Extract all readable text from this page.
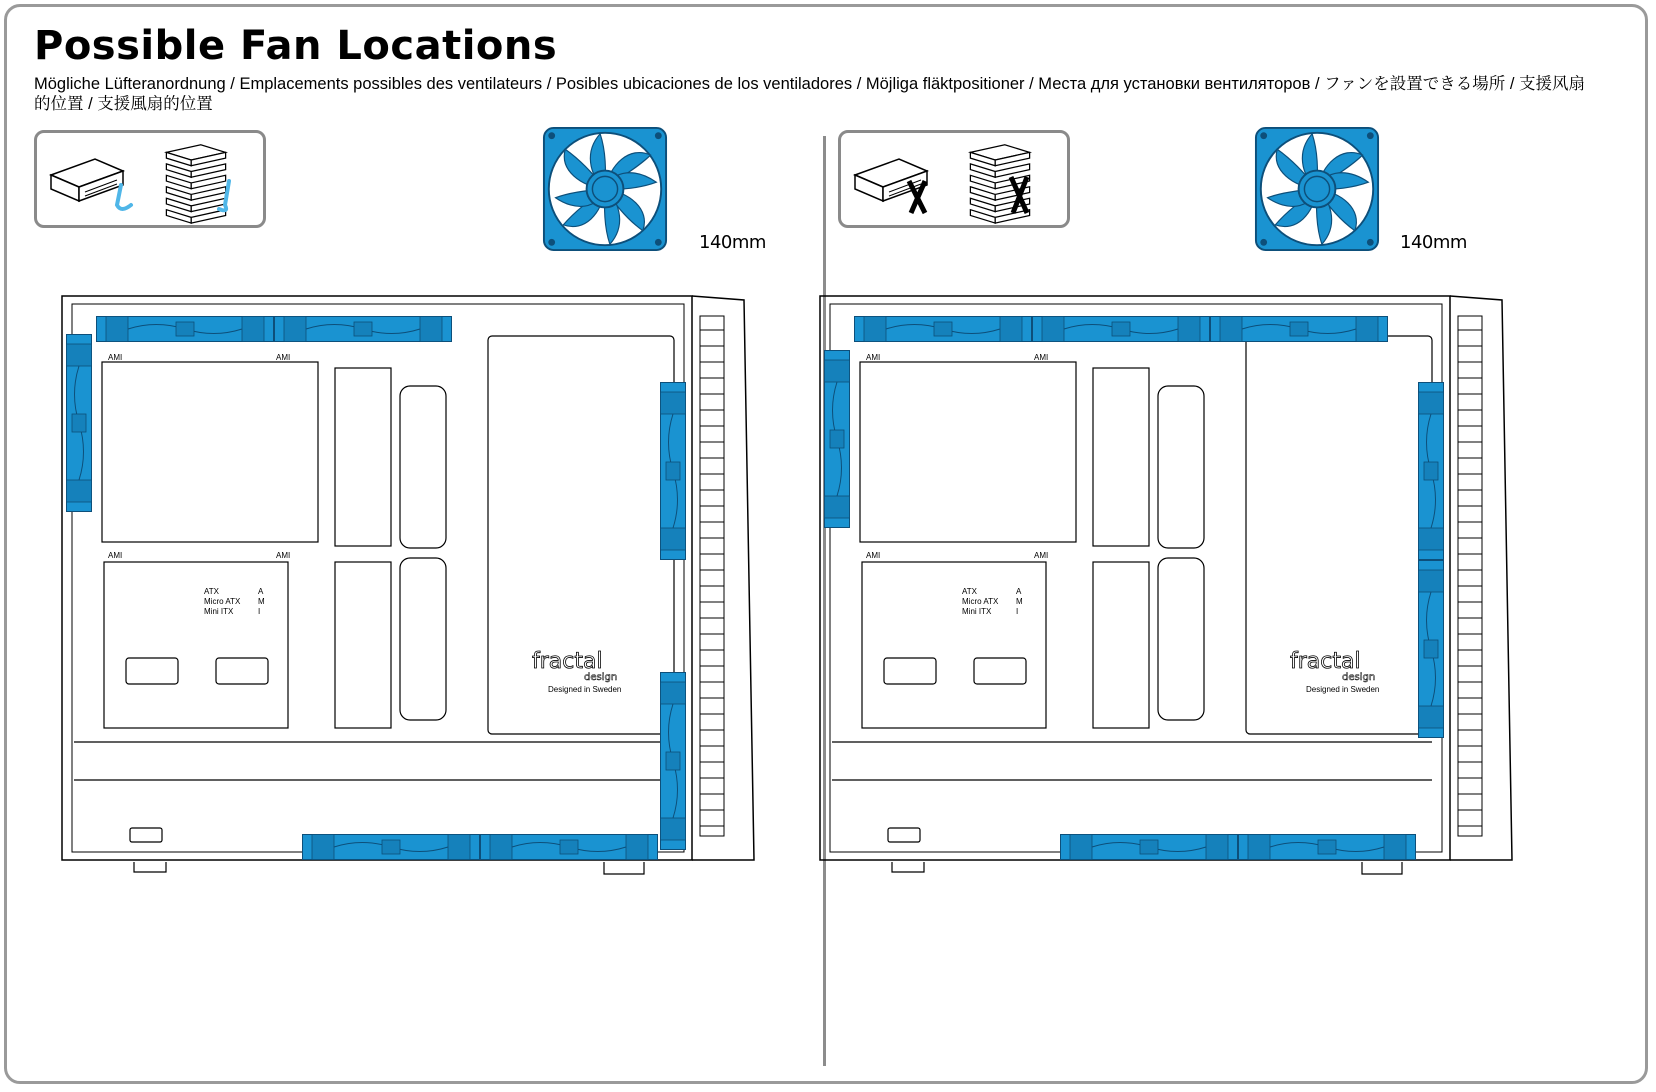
Possible Fan Locations

Mögliche Lüfteranordnung / Emplacements possibles des ventilateurs / Posibles ubicaciones de los ventiladores / Möjliga fläktpositioner / Места для установки вентиляторов / ファンを設置できる場所 / 支援风扇的位置 / 支援風扇的位置

140mm
AMI	AMI
AMI	AMI
ATX
Micro ATX
Mini ITX
A
M
I
fractal
design
Designed in Sweden
140mm
AMI	AMI
AMI	AMI
ATX
Micro ATX
Mini ITX
A
M
I
fractal
design
Designed in Sweden
